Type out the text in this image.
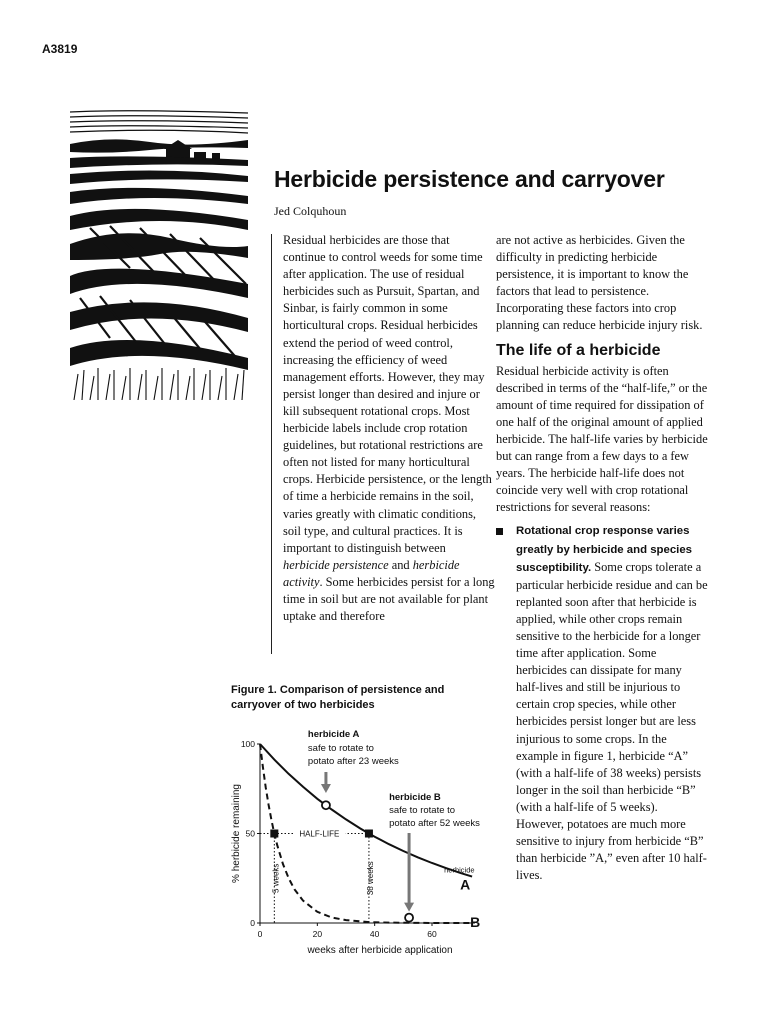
A3819
Herbicide persistence and carryover
Jed Colquhoun

Residual herbicides are those that continue to control weeds for some time after application. The use of residual herbicides such as Pursuit, Spartan, and Sinbar, is fairly common in some horticultural crops. Residual herbicides extend the period of weed control, increasing the efficiency of weed management efforts. However, they may persist longer than desired and injure or kill subsequent rotational crops. Most herbicide labels include crop rotation guidelines, but rotational restrictions are often not listed for many horticultural crops. Herbicide persistence, or the length of time a herbicide remains in the soil, varies greatly with climatic conditions, soil type, and cultural practices. It is important to distinguish between herbicide persistence and herbicide activity. Some herbicides persist for a long time in soil but are not available for plant uptake and therefore

are not active as herbicides. Given the difficulty in predicting herbicide persistence, it is important to know the factors that lead to persistence. Incorporating these factors into crop planning can reduce herbicide injury risk.

The life of a herbicide

Residual herbicide activity is often described in terms of the “half-life,” or the amount of time required for dissipation of one half of the original amount of applied herbicide. The half-life varies by herbicide but can range from a few days to a few years. The herbicide half-life does not coincide very well with crop rotational restrictions for several reasons:

Rotational crop response varies greatly by herbicide and species susceptibility. Some crops tolerate a particular herbicide residue and can be replanted soon after that herbicide is applied, while other crops remain sensitive to the herbicide for a longer time after application. Some herbicides can dissipate for many half-lives and still be injurious to certain crop species, while other herbicides persist longer but are less injurious to some crops. In the example in figure 1, herbicide “A” (with a half-life of 38 weeks) persists longer in the soil than herbicide “B” (with a half-life of 5 weeks). However, potatoes are much more sensitive to injury from herbicide “B” than herbicide ”A,” even after 10 half-lives.
Figure 1. Comparison of persistence and carryover of two herbicides
0	20	40	60
0
50
100
weeks after herbicide application
% herbicide remaining	HALF-LIFE
5 weeks	38 weeks	herbicide
A
B
herbicide A
safe to rotate to
potato after 23 weeks
herbicide B
safe to rotate to
potato after 52 weeks
